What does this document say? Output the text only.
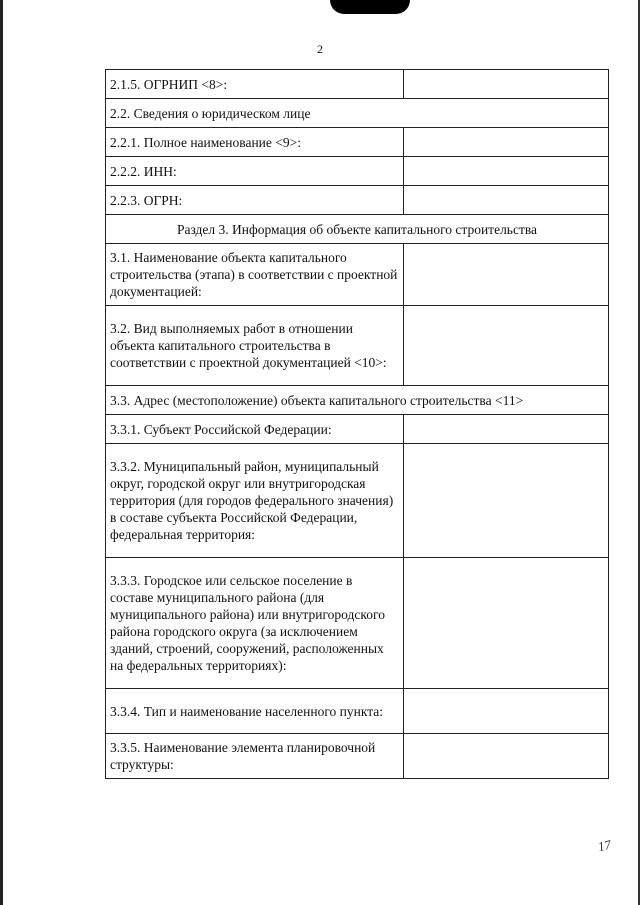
2
2.1.5. ОГРНИП <8>:	
2.2. Сведения о юридическом лице	
2.2.1. Полное наименование <9>:	
2.2.2. ИНН:	
2.2.3. ОГРН:	
Раздел 3. Информация об объекте капитального строительства	
3.1. Наименование объекта капитального строительства (этапа) в соответствии с проектной документацией:	
3.2. Вид выполняемых работ в отношении объекта капитального строительства в соответствии с проектной документацией <10>:	
3.3. Адрес (местоположение) объекта капитального строительства <11>	
3.3.1. Субъект Российской Федерации:	
3.3.2. Муниципальный район, муниципальный округ, городской округ или внутригородская территория (для городов федерального значения) в составе субъекта Российской Федерации, федеральная территория:	
3.3.3. Городское или сельское поселение в составе муниципального района (для муниципального района) или внутригородского района городского округа (за исключением зданий, строений, сооружений, расположенных на федеральных территориях):	
3.3.4. Тип и наименование населенного пункта:	
3.3.5. Наименование элемента планировочной структуры:	
17
